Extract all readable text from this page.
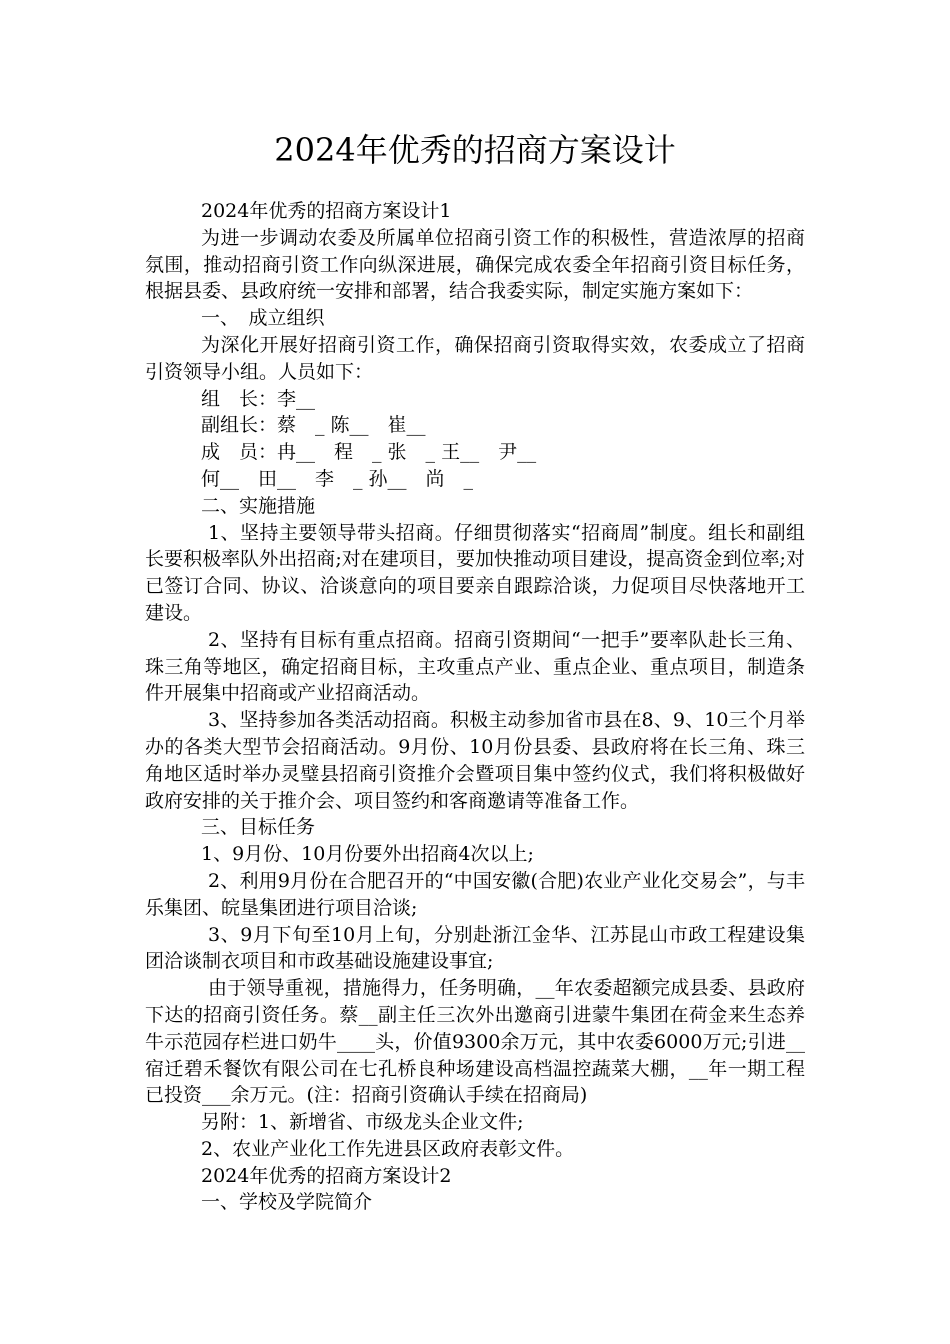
2024年优秀的招商方案设计

2024年优秀的招商方案设计1

为进一步调动农委及所属单位招商引资工作的积极性，营造浓厚的招商氛围，推动招商引资工作向纵深进展，确保完成农委全年招商引资目标任务，根据县委、县政府统一安排和部署，结合我委实际，制定实施方案如下：

一、　成立组织

为深化开展好招商引资工作，确保招商引资取得实效，农委成立了招商引资领导小组。人员如下：

组　长：李__

副组长：蔡　_ 陈__　崔__

成　员：冉__　程　_ 张　_ 王__　尹__

何__　田__　李　_ 孙__　尚　_

二、实施措施

1、坚持主要领导带头招商。仔细贯彻落实“招商周”制度。组长和副组长要积极率队外出招商;对在建项目，要加快推动项目建设，提高资金到位率;对已签订合同、协议、洽谈意向的项目要亲自跟踪洽谈，力促项目尽快落地开工建设。

2、坚持有目标有重点招商。招商引资期间“一把手”要率队赴长三角、珠三角等地区，确定招商目标，主攻重点产业、重点企业、重点项目，制造条件开展集中招商或产业招商活动。

3、坚持参加各类活动招商。积极主动参加省市县在8、9、10三个月举办的各类大型节会招商活动。9月份、10月份县委、县政府将在长三角、珠三角地区适时举办灵璧县招商引资推介会暨项目集中签约仪式，我们将积极做好政府安排的关于推介会、项目签约和客商邀请等准备工作。

三、目标任务

1、9月份、10月份要外出招商4次以上;

2、利用9月份在合肥召开的“中国安徽(合肥)农业产业化交易会”，与丰乐集团、皖垦集团进行项目洽谈;

3、9月下旬至10月上旬，分别赴浙江金华、江苏昆山市政工程建设集团洽谈制衣项目和市政基础设施建设事宜;

由于领导重视，措施得力，任务明确，__年农委超额完成县委、县政府下达的招商引资任务。蔡__副主任三次外出邀商引进蒙牛集团在荷金来生态养牛示范园存栏进口奶牛____头，价值9300余万元，其中农委6000万元;引进__宿迁碧禾餐饮有限公司在七孔桥良种场建设高档温控蔬菜大棚，__年一期工程已投资___余万元。(注：招商引资确认手续在招商局)

另附：1、新增省、市级龙头企业文件;

2、农业产业化工作先进县区政府表彰文件。

2024年优秀的招商方案设计2

一、学校及学院简介
